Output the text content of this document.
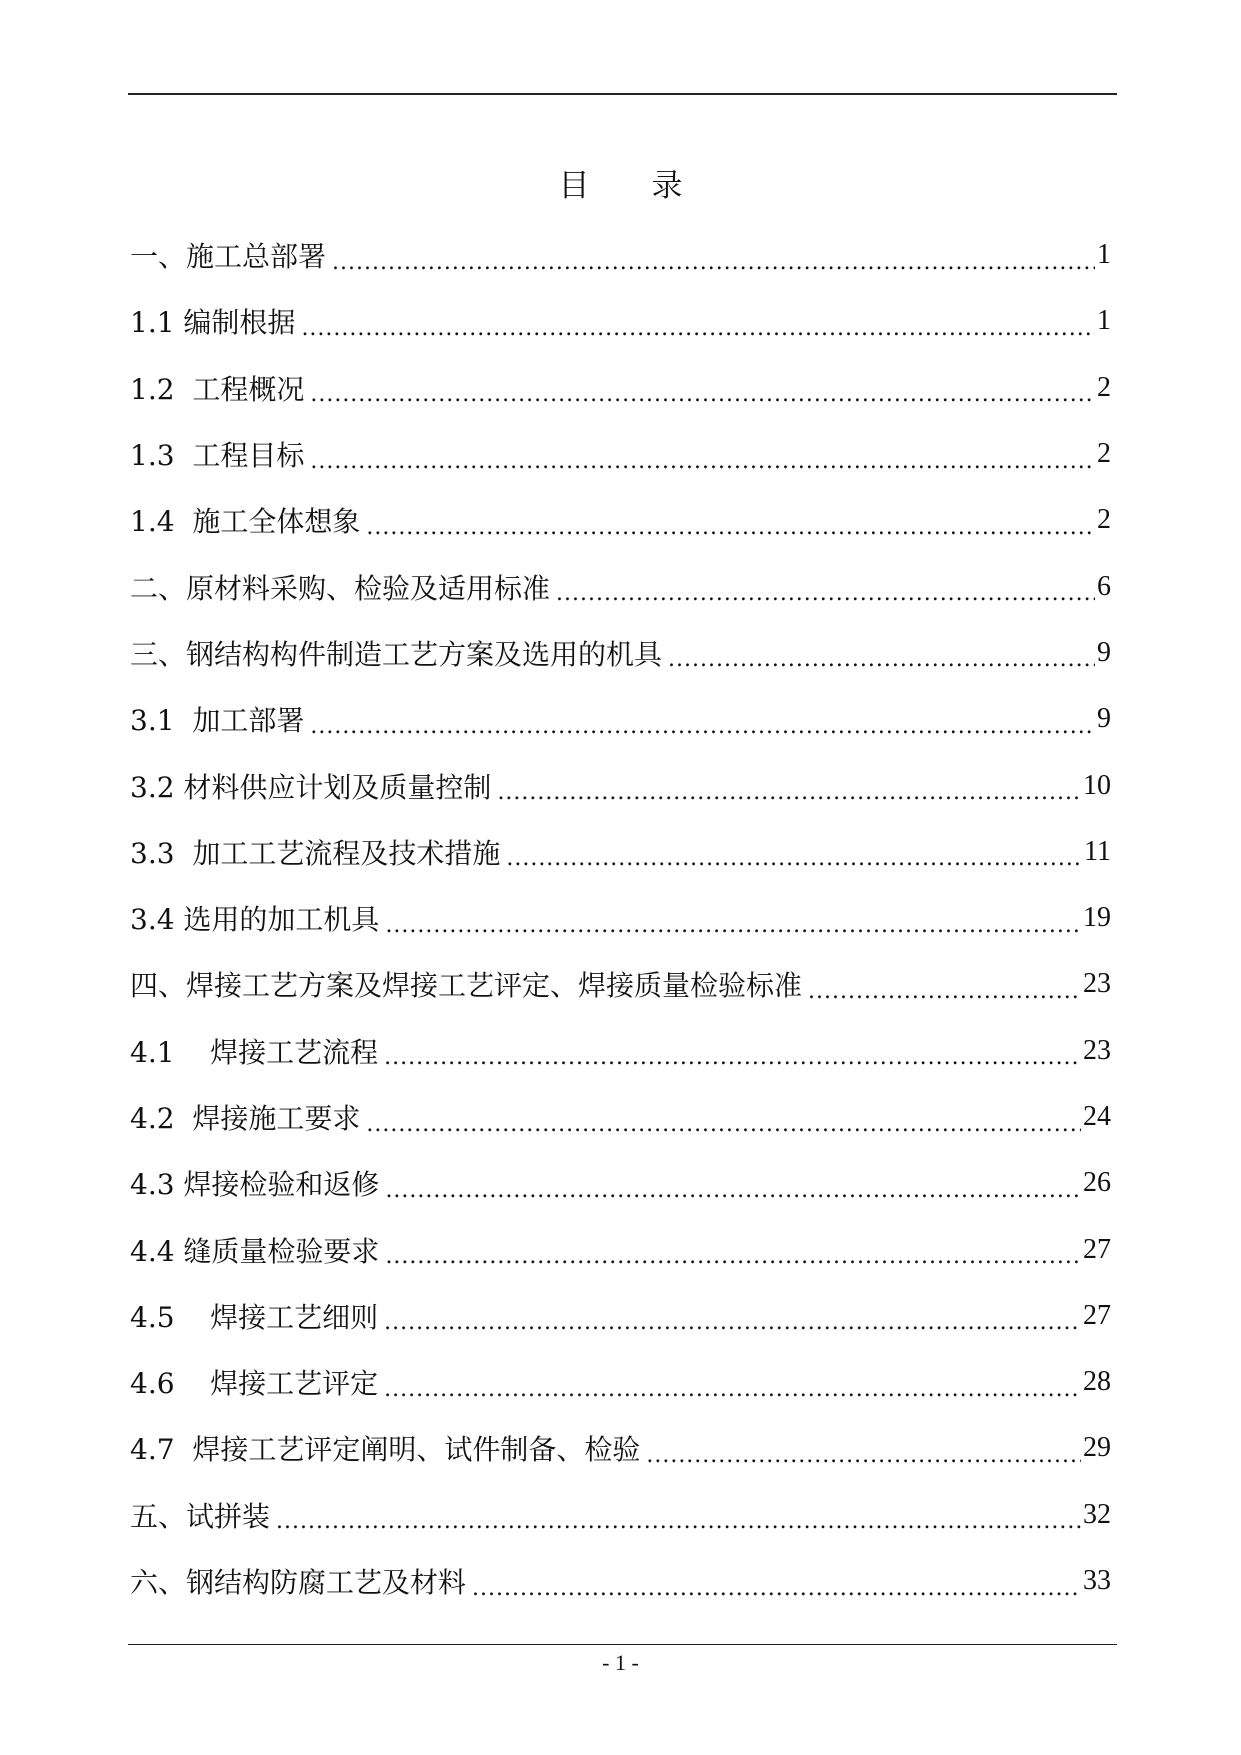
目 录
一、施工总部署 .....	1
1.1 编制根据 .....	1
1.2  工程概况 .....	2
1.3  工程目标 .....	2
1.4  施工全体想象 .....	2
二、原材料采购、检验及适用标准 .....	6
三、钢结构构件制造工艺方案及选用的机具 .....	9
3.1  加工部署 .....	9
3.2 材料供应计划及质量控制 .....	10
3.3  加工工艺流程及技术措施 .....	11
3.4 选用的加工机具 .....	19
四、焊接工艺方案及焊接工艺评定、焊接质量检验标准 .....	23
4.1    焊接工艺流程 .....	23
4.2  焊接施工要求 .....	24
4.3 焊接检验和返修 .....	26
4.4 缝质量检验要求 .....	27
4.5    焊接工艺细则 .....	27
4.6    焊接工艺评定 .....	28
4.7  焊接工艺评定阐明、试件制备、检验 .....	29
五、试拼装 .....	32
六、钢结构防腐工艺及材料 .....	33
- 1 -
